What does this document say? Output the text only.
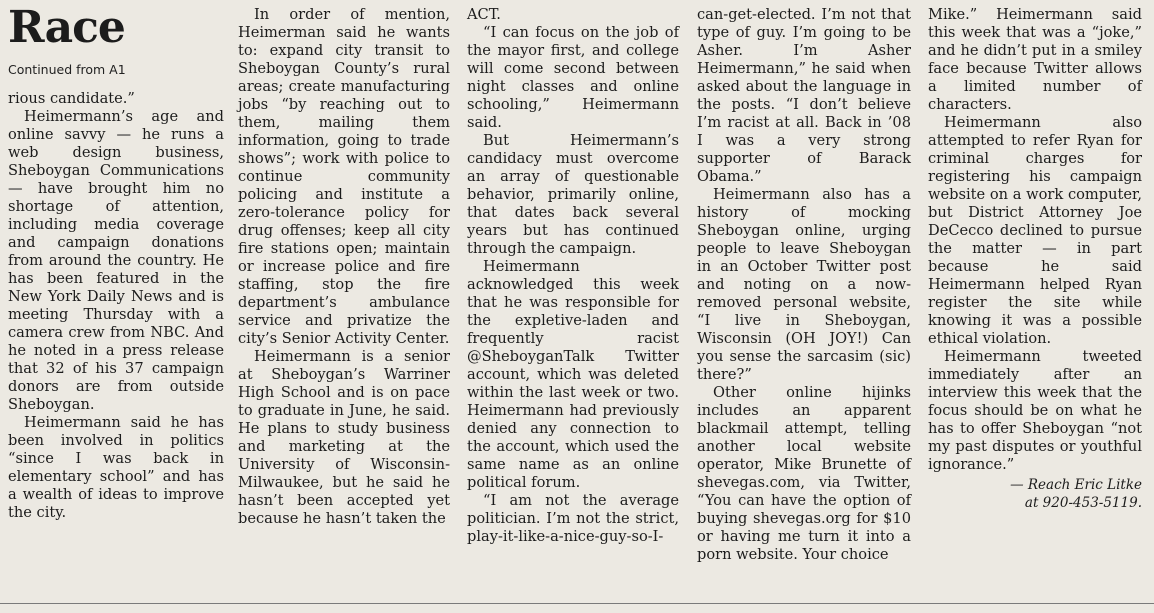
Race
Continued from A1

rious candidate.”

Heimermann’s age and online savvy — he runs a web design business, Sheboygan Communications — have brought him no shortage of attention, including media coverage and campaign donations from around the country. He has been featured in the New York Daily News and is meeting Thursday with a camera crew from NBC. And he noted in a press release that 32 of his 37 campaign donors are from outside Sheboygan.

Heimermann said he has been involved in politics “since I was back in elementary school” and has a wealth of ideas to improve the city.

In order of mention, Heimerman said he wants to: expand city transit to Sheboygan County’s rural areas; create manufacturing jobs “by reaching out to them, mailing them information, going to trade shows”; work with police to continue community policing and institute a zero-tolerance policy for drug offenses; keep all city fire stations open; maintain or increase police and fire staffing, stop the fire department’s ambulance service and privatize the city’s Senior Activity Center.

Heimermann is a senior at Sheboygan’s Warriner High School and is on pace to graduate in June, he said. He plans to study business and marketing at the University of Wisconsin-Milwaukee, but he said he hasn’t been accepted yet because he hasn’t taken the

ACT.

“I can focus on the job of the mayor first, and college will come second between night classes and online schooling,” Heimermann said.

But Heimermann’s candidacy must overcome an array of questionable behavior, primarily online, that dates back several years but has continued through the campaign.

Heimermann acknowledged this week that he was responsible for the expletive-laden and frequently racist @SheboyganTalk Twitter account, which was deleted within the last week or two. Heimermann had previously denied any connection to the account, which used the same name as an online political forum.

“I am not the average politician. I’m not the strict, play-it-like-a-nice-guy-so-I-

can-get-elected. I’m not that type of guy. I’m going to be Asher. I’m Asher Heimermann,” he said when asked about the language in the posts. “I don’t believe I’m racist at all. Back in ’08 I was a very strong supporter of Barack Obama.”

Heimermann also has a history of mocking Sheboygan online, urging people to leave Sheboygan in an October Twitter post and noting on a now-removed personal website, “I live in Sheboygan, Wisconsin (OH JOY!) Can you sense the sarcasim (sic) there?”

Other online hijinks includes an apparent blackmail attempt, telling another local website operator, Mike Brunette of shevegas.com, via Twitter, “You can have the option of buying shevegas.org for $10 or having me turn it into a porn website. Your choice

Mike.” Heimermann said this week that was a “joke,” and he didn’t put in a smiley face because Twitter allows a limited number of characters.

Heimermann also attempted to refer Ryan for criminal charges for registering his campaign website on a work computer, but District Attorney Joe DeCecco declined to pursue the matter — in part because he said Heimermann helped Ryan register the site while knowing it was a possible ethical violation.

Heimermann tweeted immediately after an interview this week that the focus should be on what he has to offer Sheboygan “not my past disputes or youthful ignorance.”

— Reach Eric Litke
at 920-453-5119.
